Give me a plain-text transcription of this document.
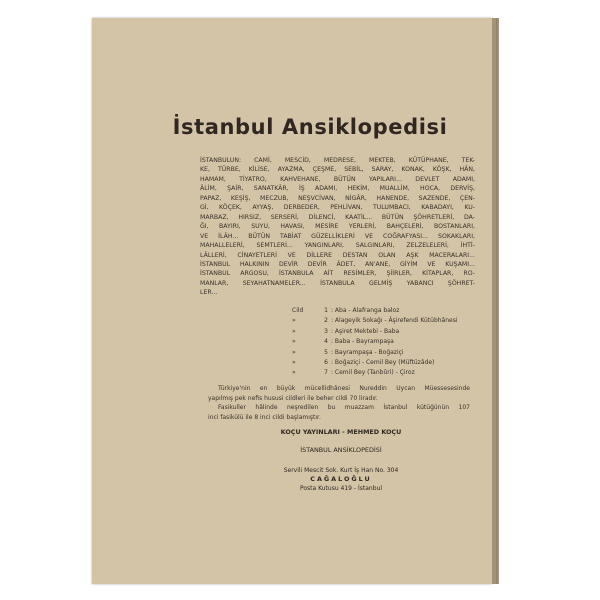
İstanbul Ansiklopedisi
İSTANBULUN: CAMİ, MESCİD, MEDRESE, MEKTEB, KÜTÜPHANE, TEK-
KE, TÜRBE, KİLİSE, AYAZMA, ÇEŞME, SEBİL, SARAY, KONAK, KÖŞK, HÂN,
HAMAM, TİYATRO, KAHVEHANE, BÜTÜN YAPILARI... DEVLET ADAMI,
ÂLİM, ŞAİR, SANATKÂR, İŞ ADAMI, HEKİM, MUALLİM, HOCA, DERVİŞ,
PAPAZ, KEŞİŞ, MECZUB, NEŞVCİVAN, NİGÂR, HANENDE, SAZENDE, ÇEN-
Gİ, KÖÇEK, AYYAŞ, DERBEDER, PEHLİVAN, TULUMBACI, KABADAYI, KU-
MARBAZ, HIRSIZ, SERSERİ, DİLENCİ, KAATİL... BÜTÜN ŞÖHRETLERİ, DA-
ĞI, BAYIRI, SUYU, HAVASI, MESİRE YERLERİ, BAHÇELERİ, BOSTANLARI,
VE İLÂH... BÜTÜN TABİAT GÜZELLİKLERİ VE COĞRAFYASI... SOKAKLARI,
MAHALLELERİ, SEMTLERİ... YANGINLARI, SALGINLARI, ZELZELELERİ, İHTİ-
LÂLLERİ, CİNAYETLERİ VE DİLLERE DESTAN OLAN AŞK MACERALARI...
İSTANBUL HALKININ DEVİR DEVİR ÂDET, AN'ANE, GİYİM VE KUŞAMI...
İSTANBUL ARGOSU, İSTANBULA AİT RESİMLER, ŞİİRLER, KİTAPLAR, RO-
MANLAR, SEYAHATNAMELER... İSTANBULA GELMİŞ YABANCI ŞÖHRET-
LER...
Cild	1 : Aba - Alafranga baloz
»	2 : Alageyik Sokağı - Âşirefendi Kütübhânesi
»	3 : Aşiret Mektebi - Baba
»	4 : Baba - Bayrampaşa
»	5 : Bayrampaşa - Boğaziçi
»	6 : Boğaziçi - Cemil Bey (Müftüzâde)
»	7 : Cemil Bey (Tanbûri) - Çiroz
Türkiye'nin en büyük mücellidhânesi Nureddin Uycan Müessesesinde
yapılmış pek nefis hususi cildleri ile beher cildi 70 liradır.
Fasikuller hâlinde neşredilen bu muazzam İstanbul kütüğünün 107
inci fasikülü ile 8 inci cildi başlamıştır.
KOÇU YAYINLARI - MEHMED KOÇU
İSTANBUL ANSİKLOPEDİSİ
Servili Mescit Sok. Kurt İş Han No. 304
CAĞALOĞLU
Posta Kutusu 419 - İstanbul
